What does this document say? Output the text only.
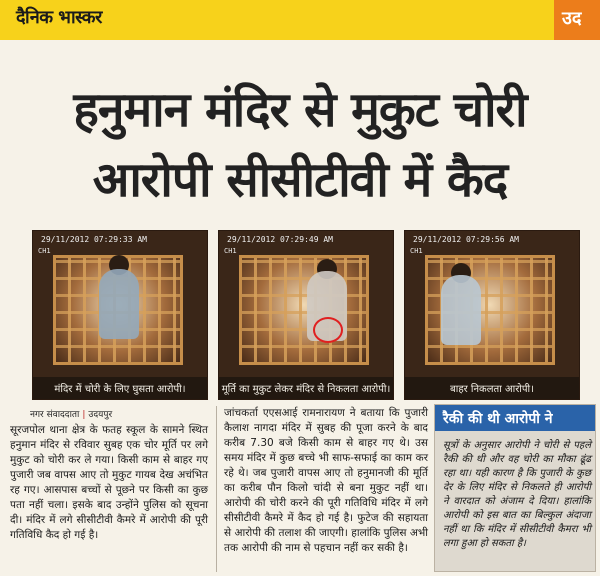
दैनिक भास्कर	उद
हनुमान मंदिर से मुकुट चोरी
आरोपी सीसीटीवी में कैद
29/11/2012 07:29:33 AM
CH1
मंदिर में चोरी के लिए घुसता आरोपी।
29/11/2012 07:29:49 AM
CH1
मूर्ति का मुकुट लेकर मंदिर से निकलता आरोपी।
29/11/2012 07:29:56 AM
CH1
बाहर निकलता आरोपी।
नगर संवाददाता | उदयपुर
सूरजपोल थाना क्षेत्र के फतह स्कूल के सामने स्थित हनुमान मंदिर से रविवार सुबह एक चोर मूर्ति पर लगे मुकुट को चोरी कर ले गया। किसी काम से बाहर गए पुजारी जब वापस आए तो मुकुट गायब देख अचंभित रह गए। आसपास बच्चों से पूछने पर किसी का कुछ पता नहीं चला। इसके बाद उन्होंने पुलिस को सूचना दी। मंदिर में लगे सीसीटीवी कैमरे में आरोपी की पूरी गतिविधि कैद हो गई है।
जांचकर्ता एएसआई रामनारायण ने बताया कि पुजारी कैलाश नागदा मंदिर में सुबह की पूजा करने के बाद करीब 7.30 बजे किसी काम से बाहर गए थे। उस समय मंदिर में कुछ बच्चे भी साफ-सफाई का काम कर रहे थे। जब पुजारी वापस आए तो हनुमानजी की मूर्ति का करीब पौन किलो चांदी से बना मुकुट नहीं था। आरोपी की चोरी करने की पूरी गतिविधि मंदिर में लगे सीसीटीवी कैमरे में कैद हो गई है। फुटेज की सहायता से आरोपी की तलाश की जाएगी। हालांकि पुलिस अभी तक आरोपी की नाम से पहचान नहीं कर सकी है।
रैकी की थी आरोपी ने
सूत्रों के अनुसार आरोपी ने चोरी से पहले रैकी की थी और वह चोरी का मौका ढूंढ रहा था। यही कारण है कि पुजारी के कुछ देर के लिए मंदिर से निकलते ही आरोपी ने वारदात को अंजाम दे दिया। हालांकि आरोपी को इस बात का बिल्कुल अंदाजा नहीं था कि मंदिर में सीसीटीवी कैमरा भी लगा हुआ हो सकता है।
